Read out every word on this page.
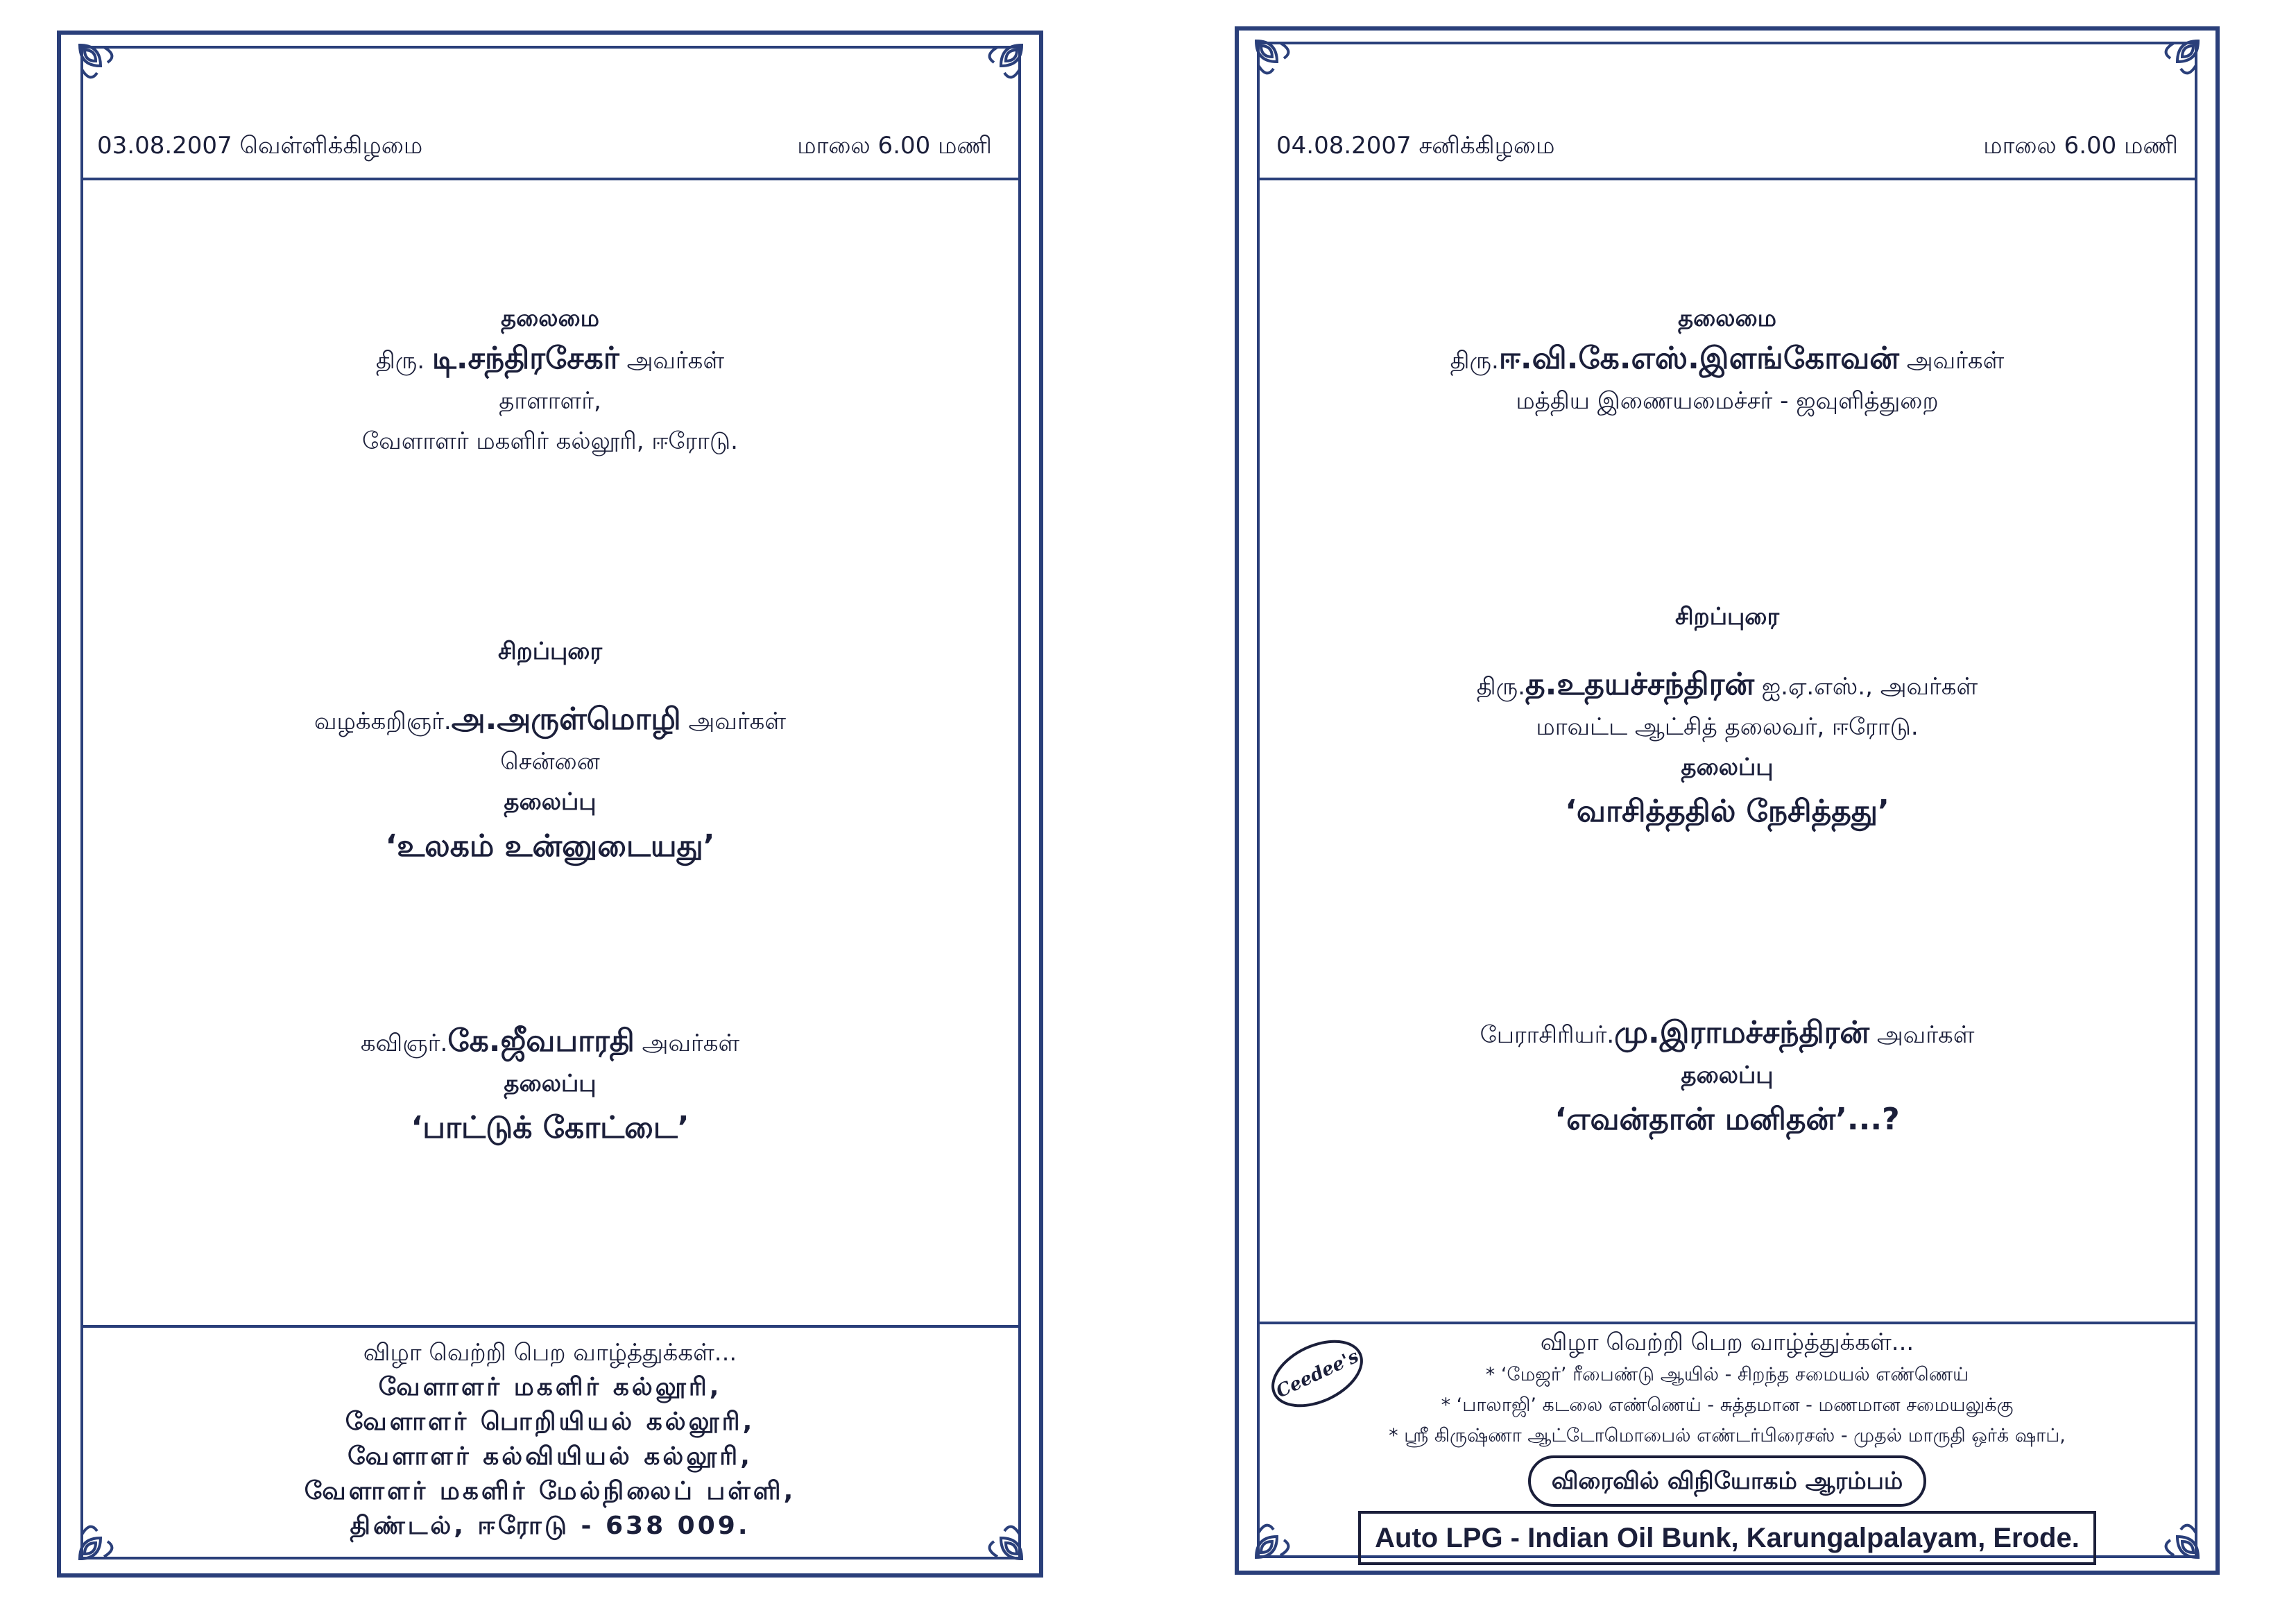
03.08.2007 வெள்ளிக்கிழமை	மாலை 6.00 மணி
தலைமை
திரு. டி.சந்திரசேகர் அவர்கள்
தாளாளர்,
வேளாளர் மகளிர் கல்லூரி, ஈரோடு.
சிறப்புரை
வழக்கறிஞர்.அ.அருள்மொழி அவர்கள்
சென்னை
தலைப்பு
‘உலகம் உன்னுடையது’
கவிஞர்.கே.ஜீவபாரதி அவர்கள்
தலைப்பு
‘பாட்டுக் கோட்டை’
விழா வெற்றி பெற வாழ்த்துக்கள்...
வேளாளர் மகளிர் கல்லூரி,
வேளாளர் பொறியியல் கல்லூரி,
வேளாளர் கல்வியியல் கல்லூரி,
வேளாளர் மகளிர் மேல்நிலைப் பள்ளி,
திண்டல், ஈரோடு - 638 009.
04.08.2007 சனிக்கிழமை	மாலை 6.00 மணி
தலைமை
திரு.ஈ.வி.கே.எஸ்.இளங்கோவன் அவர்கள்
மத்திய இணையமைச்சர் - ஜவுளித்துறை
சிறப்புரை
திரு.த.உதயச்சந்திரன் ஐ.ஏ.எஸ்., அவர்கள்
மாவட்ட ஆட்சித் தலைவர், ஈரோடு.
தலைப்பு
‘வாசித்ததில் நேசித்தது’
பேராசிரியர்.மு.இராமச்சந்திரன் அவர்கள்
தலைப்பு
‘எவன்தான் மனிதன்’...?
Ceedee's
விழா வெற்றி பெற வாழ்த்துக்கள்...
* ‘மேஜர்’ ரீபைண்டு ஆயில் - சிறந்த சமையல் எண்ணெய்
* ‘பாலாஜி’ கடலை எண்ணெய் - சுத்தமான - மணமான சமையலுக்கு
* ஸ்ரீ கிருஷ்ணா ஆட்டோமொபைல் எண்டர்பிரைசஸ் - முதல் மாருதி ஒர்க் ஷாப்,
விரைவில் விநியோகம் ஆரம்பம்
Auto LPG - Indian Oil Bunk, Karungalpalayam, Erode.
